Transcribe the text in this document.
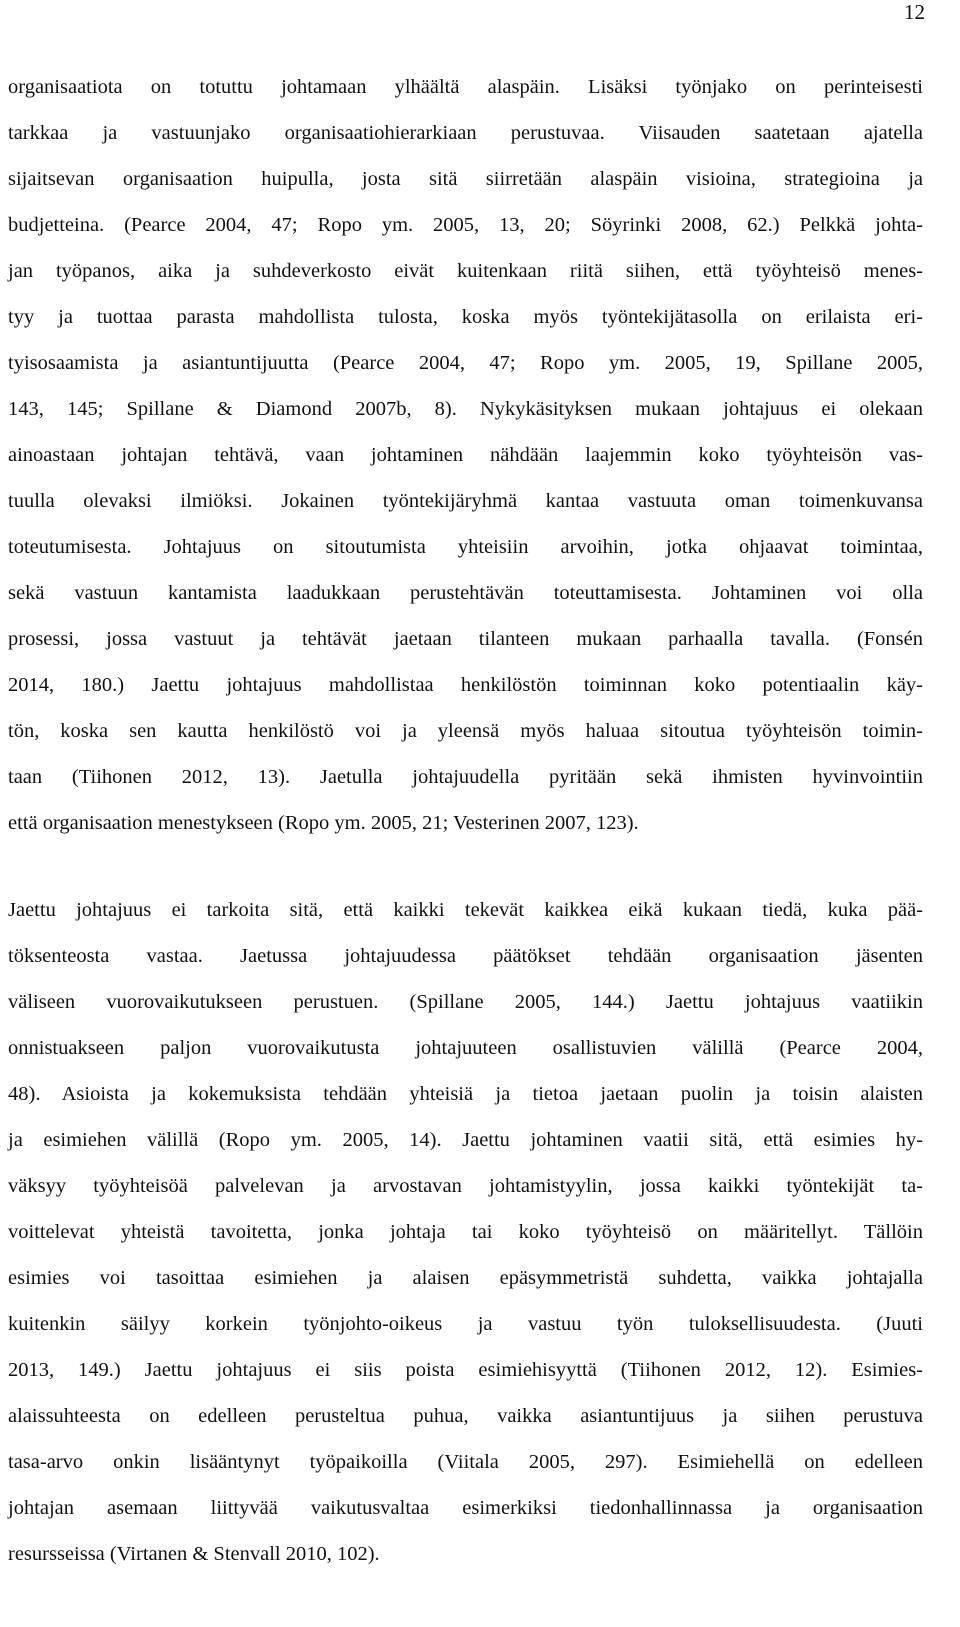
12
organisaatiota on totuttu johtamaan ylhäältä alaspäin. Lisäksi työnjako on perinteisesti
tarkkaa ja vastuunjako organisaatiohierarkiaan perustuvaa. Viisauden saatetaan ajatella
sijaitsevan organisaation huipulla, josta sitä siirretään alaspäin visioina, strategioina ja
budjetteina. (Pearce 2004, 47; Ropo ym. 2005, 13, 20; Söyrinki 2008, 62.) Pelkkä johta-
jan työpanos, aika ja suhdeverkosto eivät kuitenkaan riitä siihen, että työyhteisö menes-
tyy ja tuottaa parasta mahdollista tulosta, koska myös työntekijätasolla on erilaista eri-
tyisosaamista ja asiantuntijuutta (Pearce 2004, 47; Ropo ym. 2005, 19, Spillane 2005,
143, 145; Spillane & Diamond 2007b, 8). Nykykäsityksen mukaan johtajuus ei olekaan
ainoastaan johtajan tehtävä, vaan johtaminen nähdään laajemmin koko työyhteisön vas-
tuulla olevaksi ilmiöksi. Jokainen työntekijäryhmä kantaa vastuuta oman toimenkuvansa
toteutumisesta. Johtajuus on sitoutumista yhteisiin arvoihin, jotka ohjaavat toimintaa,
sekä vastuun kantamista laadukkaan perustehtävän toteuttamisesta. Johtaminen voi olla
prosessi, jossa vastuut ja tehtävät jaetaan tilanteen mukaan parhaalla tavalla. (Fonsén
2014, 180.) Jaettu johtajuus mahdollistaa henkilöstön toiminnan koko potentiaalin käy-
tön, koska sen kautta henkilöstö voi ja yleensä myös haluaa sitoutua työyhteisön toimin-
taan (Tiihonen 2012, 13). Jaetulla johtajuudella pyritään sekä ihmisten hyvinvointiin
että organisaation menestykseen (Ropo ym. 2005, 21; Vesterinen 2007, 123).
Jaettu johtajuus ei tarkoita sitä, että kaikki tekevät kaikkea eikä kukaan tiedä, kuka pää-
töksenteosta vastaa. Jaetussa johtajuudessa päätökset tehdään organisaation jäsenten
väliseen vuorovaikutukseen perustuen. (Spillane 2005, 144.) Jaettu johtajuus vaatiikin
onnistuakseen paljon vuorovaikutusta johtajuuteen osallistuvien välillä (Pearce 2004,
48). Asioista ja kokemuksista tehdään yhteisiä ja tietoa jaetaan puolin ja toisin alaisten
ja esimiehen välillä (Ropo ym. 2005, 14). Jaettu johtaminen vaatii sitä, että esimies hy-
väksyy työyhteisöä palvelevan ja arvostavan johtamistyylin, jossa kaikki työntekijät ta-
voittelevat yhteistä tavoitetta, jonka johtaja tai koko työyhteisö on määritellyt. Tällöin
esimies voi tasoittaa esimiehen ja alaisen epäsymmetristä suhdetta, vaikka johtajalla
kuitenkin säilyy korkein työnjohto-oikeus ja vastuu työn tuloksellisuudesta. (Juuti
2013, 149.) Jaettu johtajuus ei siis poista esimiehisyyttä (Tiihonen 2012, 12). Esimies-
alaissuhteesta on edelleen perusteltua puhua, vaikka asiantuntijuus ja siihen perustuva
tasa-arvo onkin lisääntynyt työpaikoilla (Viitala 2005, 297). Esimiehellä on edelleen
johtajan asemaan liittyvää vaikutusvaltaa esimerkiksi tiedonhallinnassa ja organisaation
resursseissa (Virtanen & Stenvall 2010, 102).
